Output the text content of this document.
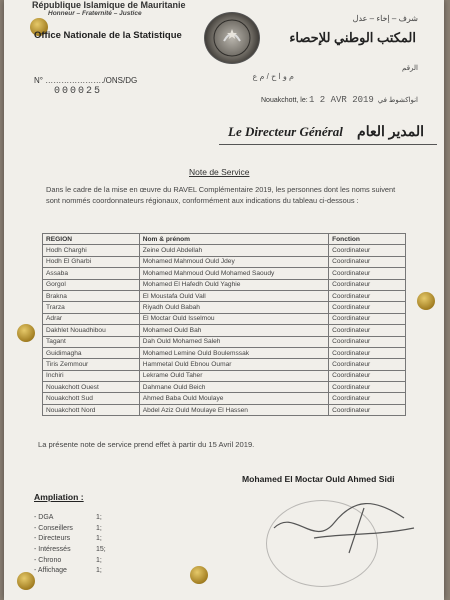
République Islamique de Mauritanie
Honneur – Fraternité – Justice
Office Nationale de la Statistique
شرف – إخاء – عدل
المكتب الوطني للإحصاء
N° …………………./ONS/DG
000025
الرقم
م و ا ح / م ع
Nouakchott, le: 1 2 AVR 2019 انواكشوط في
Le Directeur Général المدير العام
Note de Service
Dans le cadre de la mise en œuvre du RAVEL Complémentaire 2019, les personnes dont les noms suivent sont nommés coordonnateurs régionaux, conformément aux indications du tableau ci-dessous :
REGION	Nom & prénom	Fonction
Hodh Charghi	Zeine Ould Abdellah	Coordinateur
Hodh El Gharbi	Mohamed Mahmoud Ould Jdey	Coordinateur
Assaba	Mohamed Mahmoud Ould Mohamed Saoudy	Coordinateur
Gorgol	Mohamed El Hafedh Ould Yaghie	Coordinateur
Brakna	El Moustafa Ould Vall	Coordinateur
Trarza	Riyadh Ould Babah	Coordinateur
Adrar	El Moctar Ould Isselmou	Coordinateur
Dakhlet Nouadhibou	Mohamed Ould Bah	Coordinateur
Tagant	Dah Ould Mohamed Saleh	Coordinateur
Guidimagha	Mohamed Lemine Ould Boulemssak	Coordinateur
Tiris Zemmour	Hammetal Ould Ebnou Oumar	Coordinateur
Inchiri	Lekrame Ould Taher	Coordinateur
Nouakchott Ouest	Dahmane Ould Beich	Coordinateur
Nouakchott Sud	Ahmed Baba Ould Moulaye	Coordinateur
Nouakchott Nord	Abdel Aziz Ould Moulaye El Hassen	Coordinateur
La présente note de service prend effet à partir du 15 Avril 2019.
Mohamed El Moctar Ould Ahmed Sidi
Ampliation :
- DGA	1;
- Conseillers	1;
- Directeurs	1;
- Intéressés	15;
- Chrono	1;
- Affichage	1;
